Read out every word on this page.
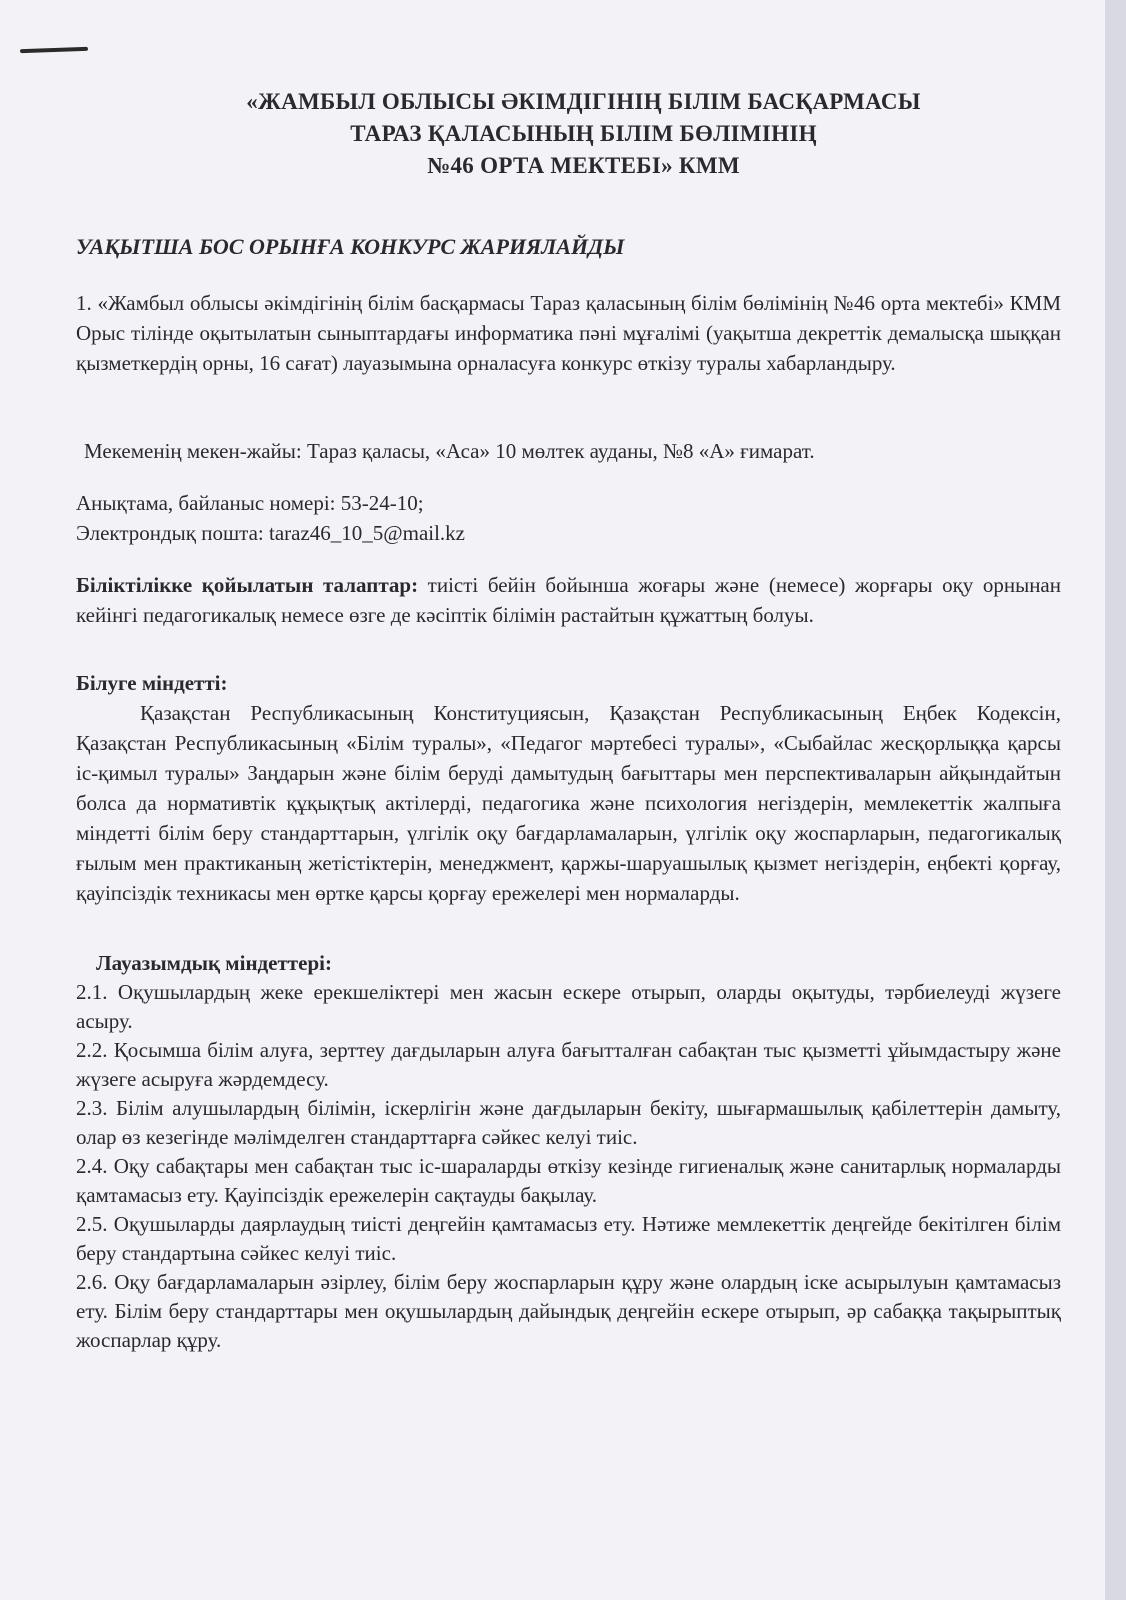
«ЖАМБЫЛ ОБЛЫСЫ ӘКІМДІГІНІҢ БІЛІМ БАСҚАРМАСЫ
ТАРАЗ ҚАЛАСЫНЫҢ БІЛІМ БӨЛІМІНІҢ
№46 ОРТА МЕКТЕБІ» КММ
УАҚЫТША БОС ОРЫНҒА КОНКУРС ЖАРИЯЛАЙДЫ

1. «Жамбыл облысы әкімдігінің білім басқармасы Тараз қаласының білім бөлімінің №46 орта мектебі» КММ Орыс тілінде оқытылатын сыныптардағы информатика пәні мұғалімі (уақытша декреттік демалысқа шыққан қызметкердің орны, 16 сағат) лауазымына орналасуға конкурс өткізу туралы хабарландыру.

Мекеменің мекен-жайы: Тараз қаласы, «Аса» 10 мөлтек ауданы, №8 «А» ғимарат.

Анықтама, байланыс номері: 53-24-10;

Электрондық пошта: taraz46_10_5@mail.kz

Біліктілікке қойылатын талаптар: тиісті бейін бойынша жоғары және (немесе) жорғары оқу орнынан кейінгі педагогикалық немесе өзге де кәсіптік білімін растайтын құжаттың болуы.

Білуге міндетті:

Қазақстан Республикасының Конституциясын, Қазақстан Республикасының Еңбек Кодексін, Қазақстан Республикасының «Білім туралы», «Педагог мәртебесі туралы», «Сыбайлас жесқорлыққа қарсы іс-қимыл туралы» Заңдарын және білім беруді дамытудың бағыттары мен перспективаларын айқындайтын болса да нормативтік құқықтық актілерді, педагогика және психология негіздерін, мемлекеттік жалпыға міндетті білім беру стандарттарын, үлгілік оқу бағдарламаларын, үлгілік оқу жоспарларын, педагогикалық ғылым мен практиканың жетістіктерін, менеджмент, қаржы-шаруашылық қызмет негіздерін, еңбекті қорғау, қауіпсіздік техникасы мен өртке қарсы қорғау ережелері мен нормаларды.

Лауазымдық міндеттері:

2.1. Оқушылардың жеке ерекшеліктері мен жасын ескере отырып, оларды оқытуды, тәрбиелеуді жүзеге асыру.

2.2. Қосымша білім алуға, зерттеу дағдыларын алуға бағытталған сабақтан тыс қызметті ұйымдастыру және жүзеге асыруға жәрдемдесу.

2.3. Білім алушылардың білімін, іскерлігін және дағдыларын бекіту, шығармашылық қабілеттерін дамыту, олар өз кезегінде мәлімделген стандарттарға сәйкес келуі тиіс.

2.4. Оқу сабақтары мен сабақтан тыс іс-шараларды өткізу кезінде гигиеналық және санитарлық нормаларды қамтамасыз ету. Қауіпсіздік ережелерін сақтауды бақылау.

2.5. Оқушыларды даярлаудың тиісті деңгейін қамтамасыз ету. Нәтиже мемлекеттік деңгейде бекітілген білім беру стандартына сәйкес келуі тиіс.

2.6. Оқу бағдарламаларын әзірлеу, білім беру жоспарларын құру және олардың іске асырылуын қамтамасыз ету. Білім беру стандарттары мен оқушылардың дайындық деңгейін ескере отырып, әр сабаққа тақырыптық жоспарлар құру.
